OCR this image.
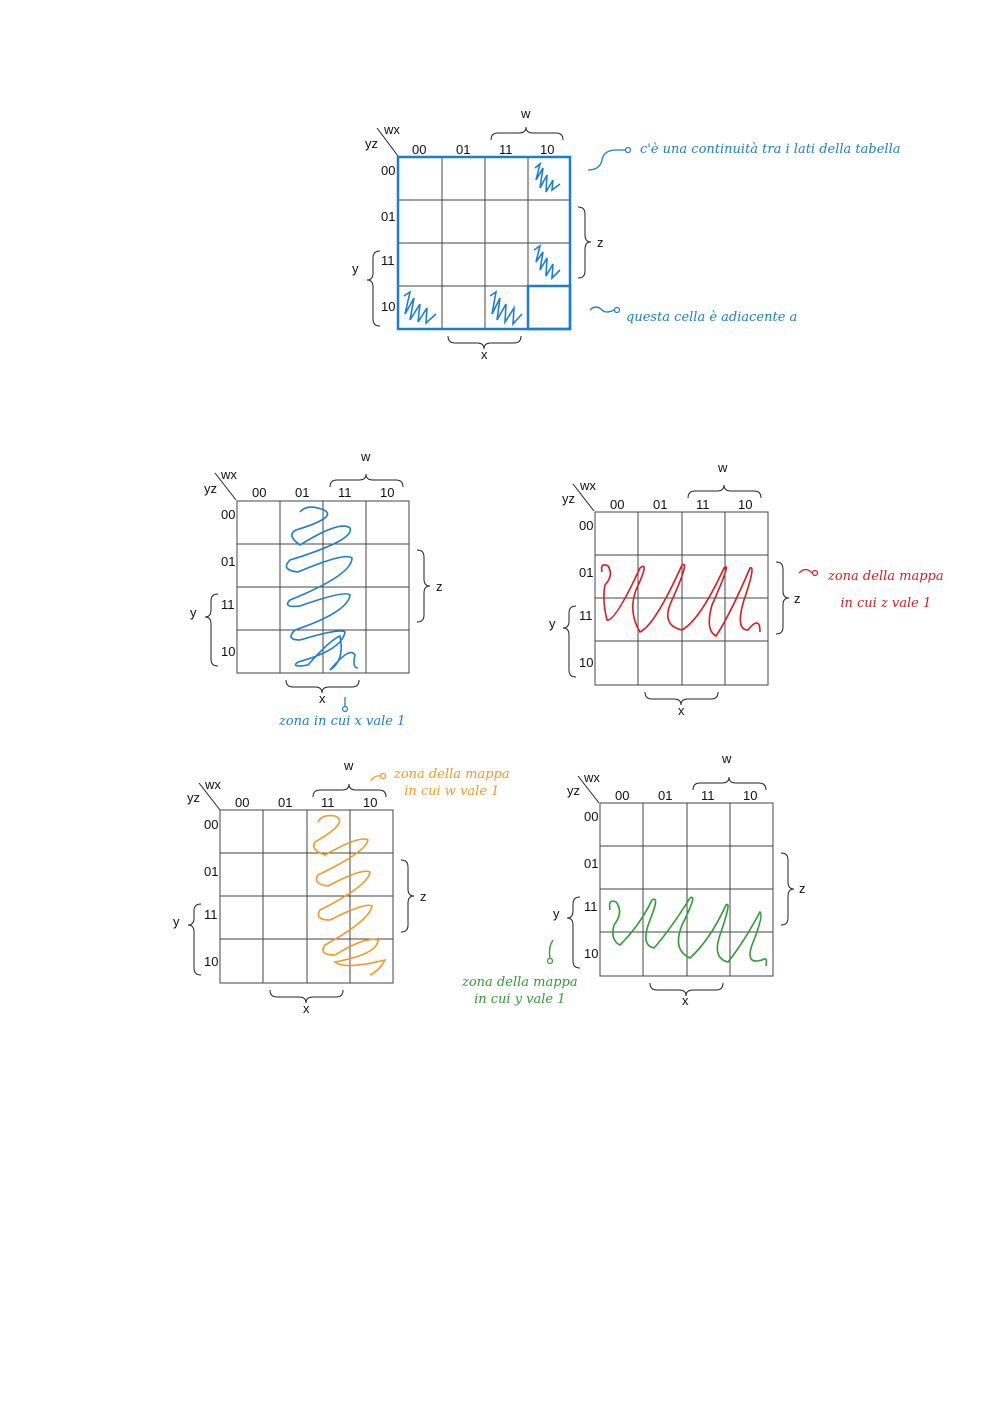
wx
yz	00 01 11 10
00
01
11
10
w
z
y
x
c'è una continuità tra i lati della tabella
questa cella è adiacente a
wx
yz	00 01 11 10
00
01
11
10
w
z
y
x
zona in cui x vale 1
wx
yz	00 01 11 10
00
01
11
10
w
z
y
x
zona della mappa
in cui z vale 1
wx
yz	00 01 11 10
00
01
11
10
w
z
y
x
zona della mappa
in cui w vale 1
wx
yz	00 01 11 10
00
01
11
10
w
z
y
x
zona della mappa
in cui y vale 1
